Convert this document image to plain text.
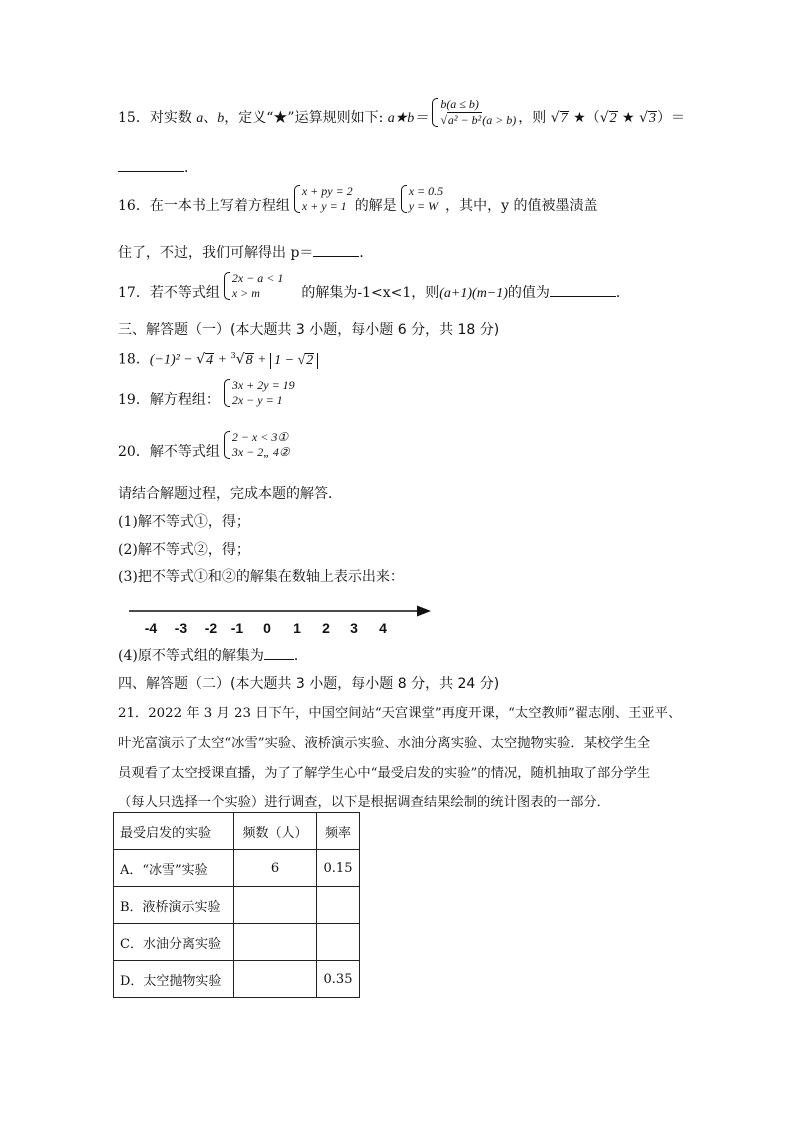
15．对实数 a、b，定义“★”运算规则如下: a★b＝
b(a ≤ b)
√a² − b²(a > b) ，则 √7 ★（√2 ★ √3）＝
．
16．在一本书上写着方程组
x + py = 2
x + y = 1 的解是
x = 0.5
y = W ，其中，y 的值被墨渍盖
住了，不过，我们可解得出 p＝	．
17．若不等式组
2x − a < 1
x > m	的解集为-1<x<1，则(a+1)(m−1)的值为	．
三、解答题（一）(本大题共 3 小题，每小题 6 分，共 18 分)
18．(−1)² − √4 + $^3$√8 + 1 − √2
19．解方程组：
3x + 2y = 19
2x − y = 1
20．解不等式组
2 − x < 3①
3x − 2„ 4②
请结合解题过程，完成本题的解答．
(1)解不等式①，得；
(2)解不等式②，得；
(3)把不等式①和②的解集在数轴上表示出来：
-4 -3 -2 -1 0 1 2 3 4
(4)原不等式组的解集为 ．
四、解答题（二）(本大题共 3 小题，每小题 8 分，共 24 分)
21．2022 年 3 月 23 日下午，中国空间站“天宫课堂”再度开课，“太空教师”翟志刚、王亚平、
叶光富演示了太空“冰雪”实验、液桥演示实验、水油分离实验、太空抛物实验．某校学生全
员观看了太空授课直播，为了了解学生心中“最受启发的实验”的情况，随机抽取了部分学生
（每人只选择一个实验）进行调查，以下是根据调查结果绘制的统计图表的一部分．
最受启发的实验	频数（人）	频率
A．“冰雪”实验	6	0.15
B．液桥演示实验		
C．水油分离实验		
D．太空抛物实验		0.35
